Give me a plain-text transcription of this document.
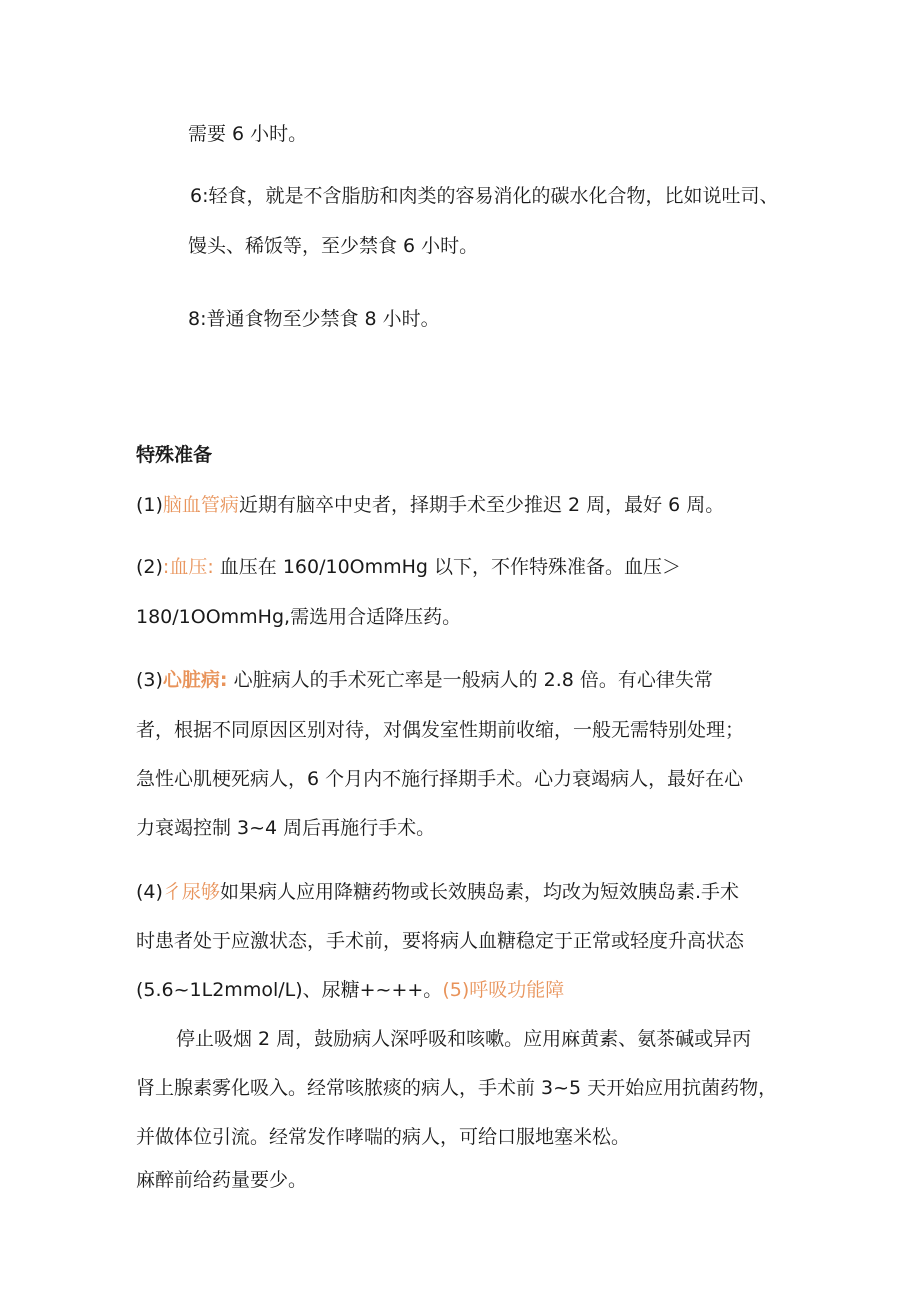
需要 6 小时。
6:轻食，就是不含脂肪和肉类的容易消化的碳水化合物，比如说吐司、
馒头、稀饭等，至少禁食 6 小时。
8:普通食物至少禁食 8 小时。
特殊准备
(1)脑血管病近期有脑卒中史者，择期手术至少推迟 2 周，最好 6 周。
(2):血压: 血压在 160/10OmmHg 以下，不作特殊准备。血压＞
180/1OOmmHg,需选用合适降压药。
(3)心脏病: 心脏病人的手术死亡率是一般病人的 2.8 倍。有心律失常
者，根据不同原因区别对待，对偶发室性期前收缩，一般无需特别处理；
急性心肌梗死病人，6 个月内不施行择期手术。心力衰竭病人，最好在心
力衰竭控制 3~4 周后再施行手术。
(4)彳尿够如果病人应用降糖药物或长效胰岛素，均改为短效胰岛素.手术
时患者处于应激状态，手术前，要将病人血糖稳定于正常或轻度升高状态
(5.6~1L2mmol∕L)、尿糖+~++。(5)呼吸功能障
停止吸烟 2 周，鼓励病人深呼吸和咳嗽。应用麻黄素、氨茶碱或异丙
肾上腺素雾化吸入。经常咳脓痰的病人，手术前 3~5 天开始应用抗菌药物，
并做体位引流。经常发作哮喘的病人，可给口服地塞米松。
麻醉前给药量要少。
